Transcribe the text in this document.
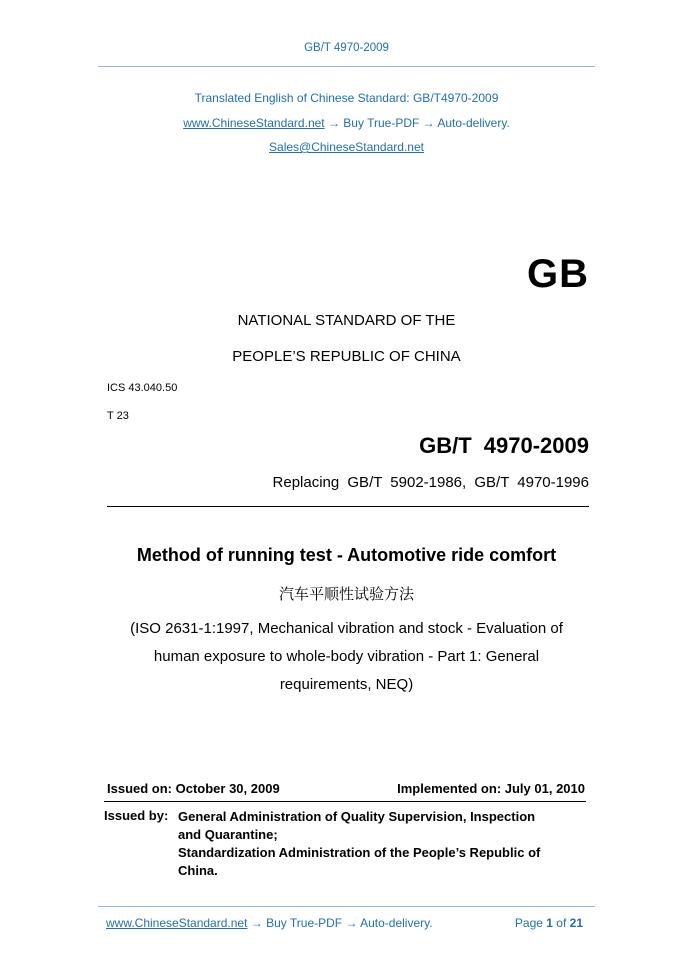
GB/T 4970-2009
Translated English of Chinese Standard: GB/T4970-2009
www.ChineseStandard.net → Buy True-PDF → Auto-delivery.
Sales@ChineseStandard.net
GB
NATIONAL STANDARD OF THE
PEOPLE’S REPUBLIC OF CHINA
ICS 43.040.50
T 23
GB/T 4970-2009
Replacing GB/T 5902-1986, GB/T 4970-1996
Method of running test - Automotive ride comfort
汽车平顺性试验方法
(ISO 2631-1:1997, Mechanical vibration and stock - Evaluation of
human exposure to whole-body vibration - Part 1: General
requirements, NEQ)
Issued on: October 30, 2009	Implemented on: July 01, 2010
Issued by: General Administration of Quality Supervision, Inspection
and Quarantine;
Standardization Administration of the People’s Republic of
China.
www.ChineseStandard.net → Buy True-PDF → Auto-delivery.	Page 1 of 21
